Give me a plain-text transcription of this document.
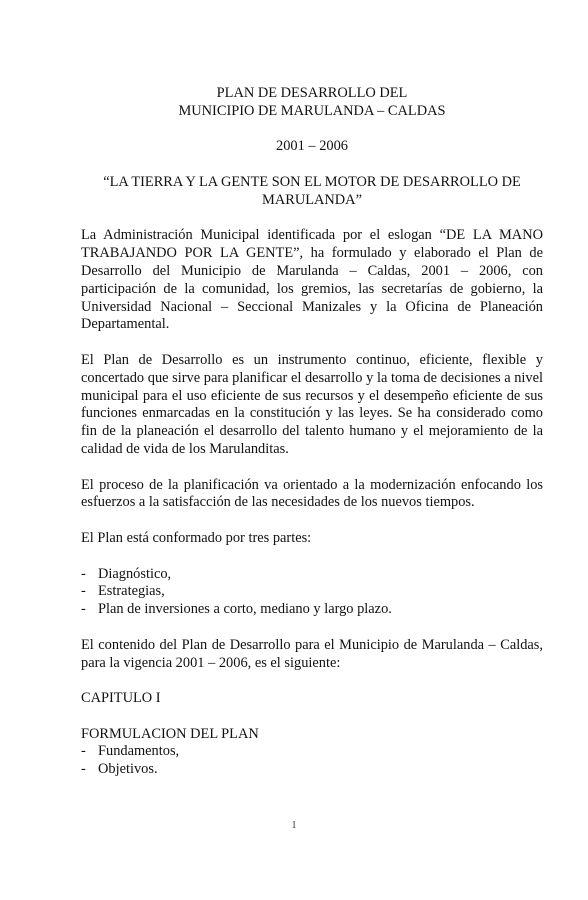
PLAN DE DESARROLLO DEL

MUNICIPIO DE MARULANDA – CALDAS

2001 – 2006

“LA TIERRA Y LA GENTE SON EL MOTOR DE DESARROLLO DE MARULANDA”

La Administración Municipal identificada por el eslogan “DE LA MANO TRABAJANDO POR LA GENTE”, ha formulado y elaborado el Plan de Desarrollo del Municipio de Marulanda – Caldas, 2001 – 2006, con participación de la comunidad, los gremios, las secretarías de gobierno, la Universidad Nacional – Seccional Manizales y la Oficina de Planeación Departamental.

El Plan de Desarrollo es un instrumento continuo, eficiente, flexible y concertado que sirve para planificar el desarrollo y la toma de decisiones a nivel municipal para el uso eficiente de sus recursos y el desempeño eficiente de sus funciones enmarcadas en la constitución y las leyes. Se ha considerado como fin de la planeación el desarrollo del talento humano y el mejoramiento de la calidad de vida de los Marulanditas.

El proceso de la planificación va orientado a la modernización enfocando los esfuerzos a la satisfacción de las necesidades de los nuevos tiempos.

El Plan está conformado por tres partes:

- Diagnóstico,
- Estrategias,
- Plan de inversiones a corto, mediano y largo plazo.

El contenido del Plan de Desarrollo para el Municipio de Marulanda – Caldas, para la vigencia 2001 – 2006, es el siguiente:

CAPITULO I

FORMULACION DEL PLAN

- Fundamentos,
- Objetivos.
1
